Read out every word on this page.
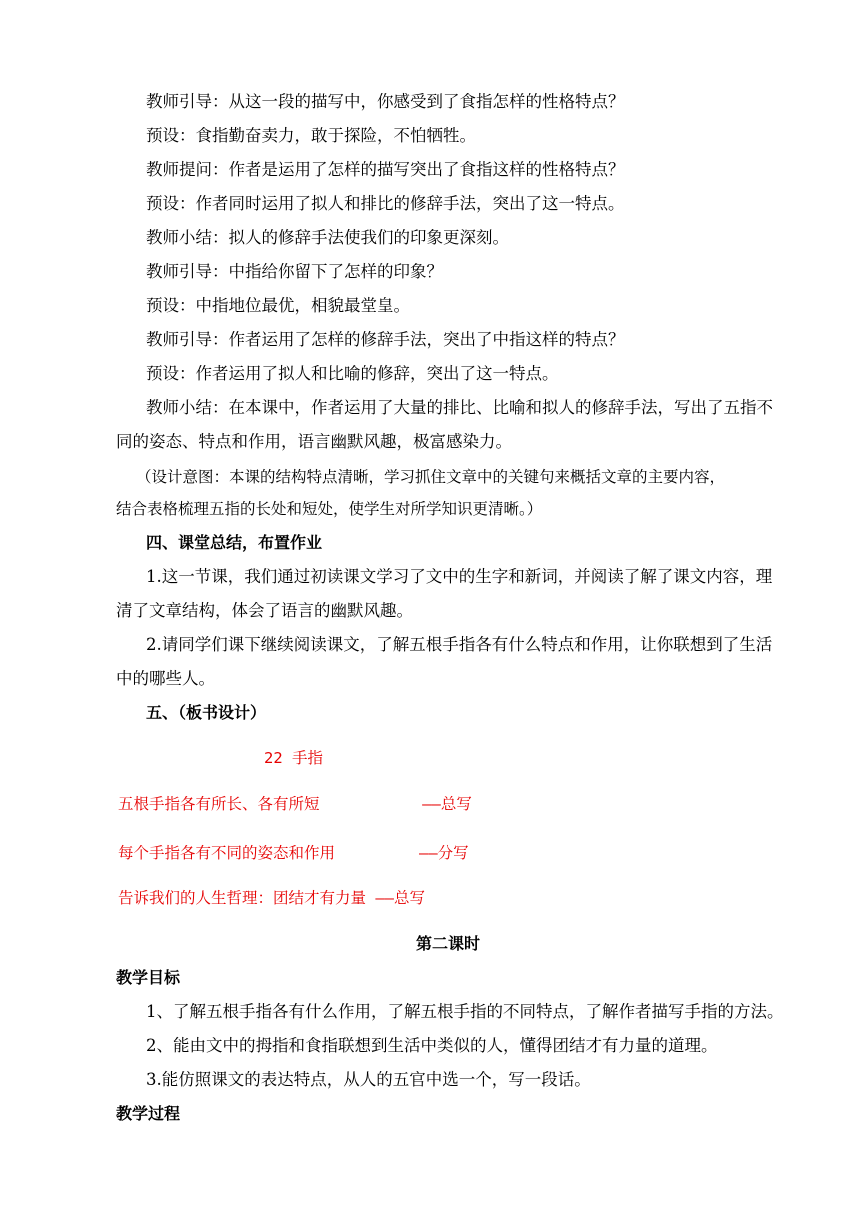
教师引导：从这一段的描写中，你感受到了食指怎样的性格特点？
预设：食指勤奋卖力，敢于探险，不怕牺牲。
教师提问：作者是运用了怎样的描写突出了食指这样的性格特点？
预设：作者同时运用了拟人和排比的修辞手法，突出了这一特点。
教师小结：拟人的修辞手法使我们的印象更深刻。
教师引导：中指给你留下了怎样的印象？
预设：中指地位最优，相貌最堂皇。
教师引导：作者运用了怎样的修辞手法，突出了中指这样的特点？
预设：作者运用了拟人和比喻的修辞，突出了这一特点。
教师小结：在本课中，作者运用了大量的排比、比喻和拟人的修辞手法，写出了五指不
同的姿态、特点和作用，语言幽默风趣，极富感染力。
（设计意图：本课的结构特点清晰，学习抓住文章中的关键句来概括文章的主要内容，
结合表格梳理五指的长处和短处，使学生对所学知识更清晰。）
四、课堂总结，布置作业
1.这一节课，我们通过初读课文学习了文中的生字和新词，并阅读了解了课文内容，理
清了文章结构，体会了语言的幽默风趣。
2.请同学们课下继续阅读课文，了解五根手指各有什么特点和作用，让你联想到了生活
中的哪些人。
五、（板书设计）
22 手指
五根手指各有所长、各有所短           ——总写
每个手指各有不同的姿态和作用         ——分写
告诉我们的人生哲理：团结才有力量 ——总写
第二课时
教学目标
1、了解五根手指各有什么作用，了解五根手指的不同特点，了解作者描写手指的方法。
2、能由文中的拇指和食指联想到生活中类似的人，懂得团结才有力量的道理。
3.能仿照课文的表达特点，从人的五官中选一个，写一段话。
教学过程
